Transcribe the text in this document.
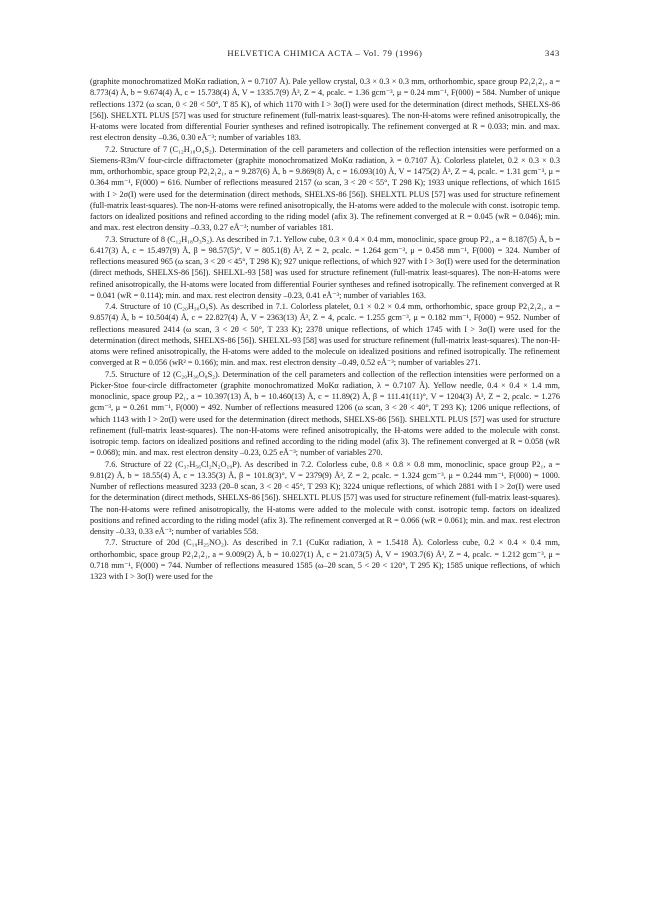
HELVETICA CHIMICA ACTA – Vol. 79 (1996)	343

(graphite monochromatized MoKα radiation, λ = 0.7107 Å). Pale yellow crystal, 0.3 × 0.3 × 0.3 mm, orthorhombic, space group P2₁2₁2₁, a = 8.773(4) Å, b = 9.674(4) Å, c = 15.738(4) Å, V = 1335.7(9) Å³, Z = 4, ρcalc. = 1.36 gcm⁻³, μ = 0.24 mm⁻¹, F(000) = 584. Number of unique reflections 1372 (ω scan, 0 < 2θ < 50°, T 85 K), of which 1170 with I > 3σ(I) were used for the determination (direct methods, SHELXS-86 [56]). SHELXTL PLUS [57] was used for structure refinement (full-matrix least-squares). The non-H-atoms were refined anisotropically, the H-atoms were located from differential Fourier syntheses and refined isotropically. The refinement converged at R = 0.033; min. and max. rest electron density –0.36, 0.30 eÅ⁻³; number of variables 183.

7.2. Structure of 7 (C₁₂H₁₈O₄S₂). Determination of the cell parameters and collection of the reflection intensities were performed on a Siemens-R3m/V four-circle diffractometer (graphite monochromatized MoKα radiation, λ = 0.7107 Å). Colorless platelet, 0.2 × 0.3 × 0.3 mm, orthorhombic, space group P2₁2₁2₁, a = 9.287(6) Å, b = 9.869(8) Å, c = 16.093(10) Å, V = 1475(2) Å³, Z = 4, ρcalc. = 1.31 gcm⁻³, μ = 0.364 mm⁻¹, F(000) = 616. Number of reflections measured 2157 (ω scan, 3 < 2θ < 55°, T 298 K); 1933 unique reflections, of which 1615 with I > 2σ(I) were used for the determination (direct methods, SHELXS-86 [56]). SHELXTL PLUS [57] was used for structure refinement (full-matrix least-squares). The non-H-atoms were refined anisotropically, the H-atoms were added to the molecule with const. isotropic temp. factors on idealized positions and refined according to the riding model (afix 3). The refinement converged at R = 0.045 (wR = 0.046); min. and max. rest electron density –0.33, 0.27 eÅ⁻³; number of variables 181.

7.3. Structure of 8 (C₁₂H₁₈O₃S₂). As described in 7.1. Yellow cube, 0.3 × 0.4 × 0.4 mm, monoclinic, space group P2₁, a = 8.187(5) Å, b = 6.417(3) Å, c = 15.497(9) Å, β = 98.57(5)°, V = 805.1(8) Å³, Z = 2, ρcalc. = 1.264 gcm⁻³, μ = 0.458 mm⁻¹, F(000) = 324. Number of reflections measured 965 (ω scan, 3 < 2θ < 45°, T 298 K); 927 unique reflections, of which 927 with I > 3σ(I) were used for the determination (direct methods, SHELXS-86 [56]). SHELXL-93 [58] was used for structure refinement (full-matrix least-squares). The non-H-atoms were refined anisotropically, the H-atoms were located from differential Fourier syntheses and refined isotropically. The refinement converged at R = 0.041 (wR = 0.114); min. and max. rest electron density –0.23, 0.41 eÅ⁻³; number of variables 163.

7.4. Structure of 10 (C₂₀H₃₀O₉S). As described in 7.1. Colorless platelet, 0.1 × 0.2 × 0.4 mm, orthorhombic, space group P2₁2₁2₁, a = 9.857(4) Å, b = 10.504(4) Å, c = 22.827(4) Å, V = 2363(13) Å³, Z = 4, ρcalc. = 1.255 gcm⁻³, μ = 0.182 mm⁻¹, F(000) = 952. Number of reflections measured 2414 (ω scan, 3 < 2θ < 50°, T 233 K); 2378 unique reflections, of which 1745 with I > 3σ(I) were used for the determination (direct methods, SHELXS-86 [56]). SHELXL-93 [58] was used for structure refinement (full-matrix least-squares). The non-H-atoms were refined anisotropically, the H-atoms were added to the molecule on idealized positions and refined isotropically. The refinement converged at R = 0.056 (wR² = 0.166); min. and max. rest electron density –0.49, 0.52 eÅ⁻³; number of variables 271.

7.5. Structure of 12 (C₂₀H₃₀O₈S₂). Determination of the cell parameters and collection of the reflection intensities were performed on a Picker-Stoe four-circle diffractometer (graphite monochromatized MoKα radiation, λ = 0.7107 Å). Yellow needle, 0.4 × 0.4 × 1.4 mm, monoclinic, space group P2₁, a = 10.397(13) Å, b = 10.460(13) Å, c = 11.89(2) Å, β = 111.41(11)°, V = 1204(3) Å³, Z = 2, ρcalc. = 1.276 gcm⁻³, μ = 0.261 mm⁻¹, F(000) = 492. Number of reflections measured 1206 (ω scan, 3 < 2θ < 40°, T 293 K); 1206 unique reflections, of which 1143 with I > 2σ(I) were used for the determination (direct methods, SHELXS-86 [56]). SHELXTL PLUS [57] was used for structure refinement (full-matrix least-squares). The non-H-atoms were refined anisotropically, the H-atoms were added to the molecule with const. isotropic temp. factors on idealized positions and refined according to the riding model (afix 3). The refinement converged at R = 0.058 (wR = 0.068); min. and max. rest electron density –0.23, 0.25 eÅ⁻³; number of variables 270.

7.6. Structure of 22 (C₃₇H₅₆Cl₂N₂O₁₉P). As described in 7.2. Colorless cube, 0.8 × 0.8 × 0.8 mm, monoclinic, space group P2₁, a = 9.81(2) Å, b = 18.55(4) Å, c = 13.35(3) Å, β = 101.8(3)°, V = 2379(9) Å³, Z = 2, ρcalc. = 1.324 gcm⁻³, μ = 0.244 mm⁻¹, F(000) = 1000. Number of reflections measured 3233 (2θ–θ scan, 3 < 2θ < 45°, T 293 K); 3224 unique reflections, of which 2881 with I > 2σ(I) were used for the determination (direct methods, SHELXS-86 [56]). SHELXTL PLUS [57] was used for structure refinement (full-matrix least-squares). The non-H-atoms were refined anisotropically, the H-atoms were added to the molecule with const. isotropic temp. factors on idealized positions and refined according to the riding model (afix 3). The refinement converged at R = 0.066 (wR = 0.061); min. and max. rest electron density –0.33, 0.33 eÅ⁻³; number of variables 558.

7.7. Structure of 20d (C₁₉H₂₅NO₂). As described in 7.1 (CuKα radiation, λ = 1.5418 Å). Colorless cube, 0.2 × 0.4 × 0.4 mm, orthorhombic, space group P2₁2₁2₁, a = 9.009(2) Å, b = 10.027(1) Å, c = 21.073(5) Å, V = 1903.7(6) Å³, Z = 4, ρcalc. = 1.212 gcm⁻³, μ = 0.718 mm⁻¹, F(000) = 744. Number of reflections measured 1585 (ω–2θ scan, 5 < 2θ < 120°, T 295 K); 1585 unique reflections, of which 1323 with I > 3σ(I) were used for the
